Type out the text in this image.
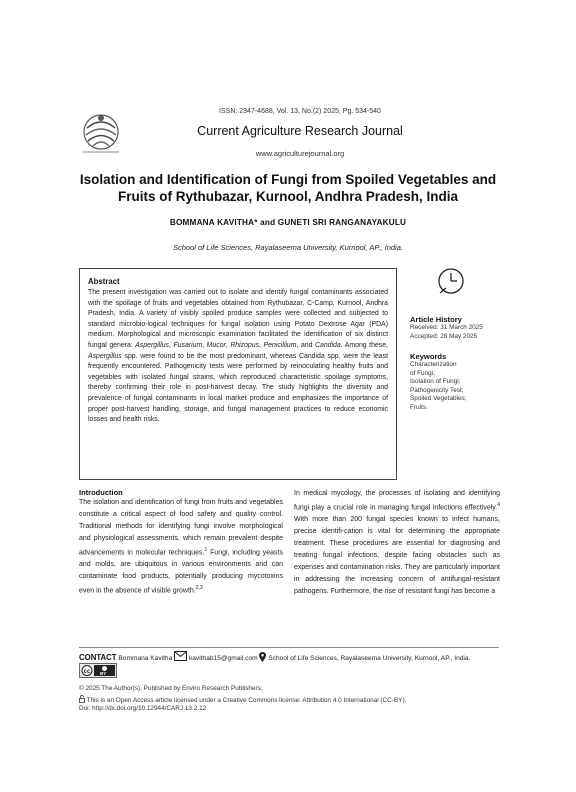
ISSN: 2347-4688, Vol. 13, No.(2) 2025, Pg. 534-540
Current Agriculture Research Journal
www.agriculturejournal.org
Isolation and Identification of Fungi from Spoiled Vegetables and Fruits of Rythubazar, Kurnool, Andhra Pradesh, India
BOMMANA KAVITHA* and GUNETI SRI RANGANAYAKULU
School of Life Sciences, Rayalaseema University, Kurnool, AP., India.
Abstract

The present investigation was carried out to isolate and identify fungal contaminants associated with the spoilage of fruits and vegetables obtained from Rythubazar, C-Camp, Kurnool, Andhra Pradesh, India. A variety of visibly spoiled produce samples were collected and subjected to standard microbio-logical techniques for fungal isolation using Potato Dextrose Agar (PDA) medium. Morphological and microscopic examination facilitated the identification of six distinct fungal genera: Aspergillus, Fusarium, Mucor, Rhizopus, Penicillium, and Candida. Among these, Aspergillus spp. were found to be the most predominant, whereas Candida spp. were the least frequently encountered. Pathogenicity tests were performed by reinoculating healthy fruits and vegetables with isolated fungal strains, which reproduced characteristic spoilage symptoms, thereby confirming their role in post-harvest decay. The study highlights the diversity and prevalence of fungal contaminants in local market produce and emphasizes the importance of proper post-harvest handling, storage, and fungal management practices to reduce economic losses and health risks.

Article History
Received: 31 March 2025
Accepted: 28 May 2025
Keywords
Characterization
of Fungi;
Isolation of Fungi;
Pathogenicity Test;
Spoiled Vegetables;
Fruits.
Introduction

The isolation and identification of fungi from fruits and vegetables constitute a critical aspect of food safety and quality control. Traditional methods for identifying fungi involve morphological and physiological assessments, which remain prevalent despite advancements in molecular techniques.$^1$ Fungi, including yeasts and molds, are ubiquitous in various environments and can contaminate food products, potentially producing mycotoxins even in the absence of visible growth.$^{2,3}$

In medical mycology, the processes of isolating and identifying fungi play a crucial role in managing fungal infections effectively.$^4$ With more than 200 fungal species known to infect humans, precise identifi-cation is vital for determining the appropriate treatment. These procedures are essential for diagnosing and treating fungal infections, despite facing obstacles such as expenses and contamination risks. They are particularly important in addressing the increasing concern of antifungal-resistant pathogens. Furthermore, the rise of resistant fungi has become a

CONTACT Bommana Kavitha	kavithab15@gmail.com School of Life Sciences, Rayalaseema University, Kurnool, AP., India.
cc BY
© 2025 The Author(s). Published by Enviro Research Publishers.
This is an Open Access article licensed under a Creative Commons license: Attribution 4.0 International (CC-BY).
Doi: http://dx.doi.org/10.12944/CARJ.13.2.12
